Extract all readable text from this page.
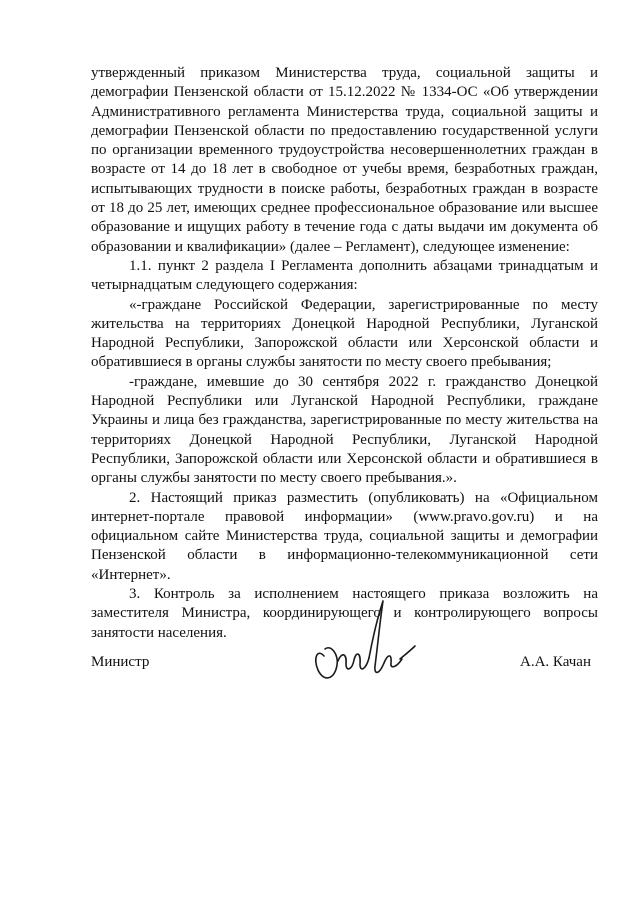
утвержденный приказом Министерства труда, социальной защиты и демографии Пензенской области от 15.12.2022 № 1334-ОС «Об утверждении Административного регламента Министерства труда, социальной защиты и демографии Пензенской области по предоставлению государственной услуги по организации временного трудоустройства несовершеннолетних граждан в возрасте от 14 до 18 лет в свободное от учебы время, безработных граждан, испытывающих трудности в поиске работы, безработных граждан в возрасте от 18 до 25 лет, имеющих среднее профессиональное образование или высшее образование и ищущих работу в течение года с даты выдачи им документа об образовании и квалификации» (далее – Регламент), следующее изменение:

1.1. пункт 2 раздела I Регламента дополнить абзацами тринадцатым и четырнадцатым следующего содержания:

«-граждане Российской Федерации, зарегистрированные по месту жительства на территориях Донецкой Народной Республики, Луганской Народной Республики, Запорожской области или Херсонской области и обратившиеся в органы службы занятости по месту своего пребывания;

-граждане, имевшие до 30 сентября 2022 г. гражданство Донецкой Народной Республики или Луганской Народной Республики, граждане Украины и лица без гражданства, зарегистрированные по месту жительства на территориях Донецкой Народной Республики, Луганской Народной Республики, Запорожской области или Херсонской области и обратившиеся в органы службы занятости по месту своего пребывания.».

2. Настоящий приказ разместить (опубликовать) на «Официальном интернет-портале правовой информации» (www.pravo.gov.ru) и на официальном сайте Министерства труда, социальной защиты и демографии Пензенской области в информационно-телекоммуникационной сети «Интернет».

3. Контроль за исполнением настоящего приказа возложить на заместителя Министра, координирующего и контролирующего вопросы занятости населения.

Министр	А.А. Качан
